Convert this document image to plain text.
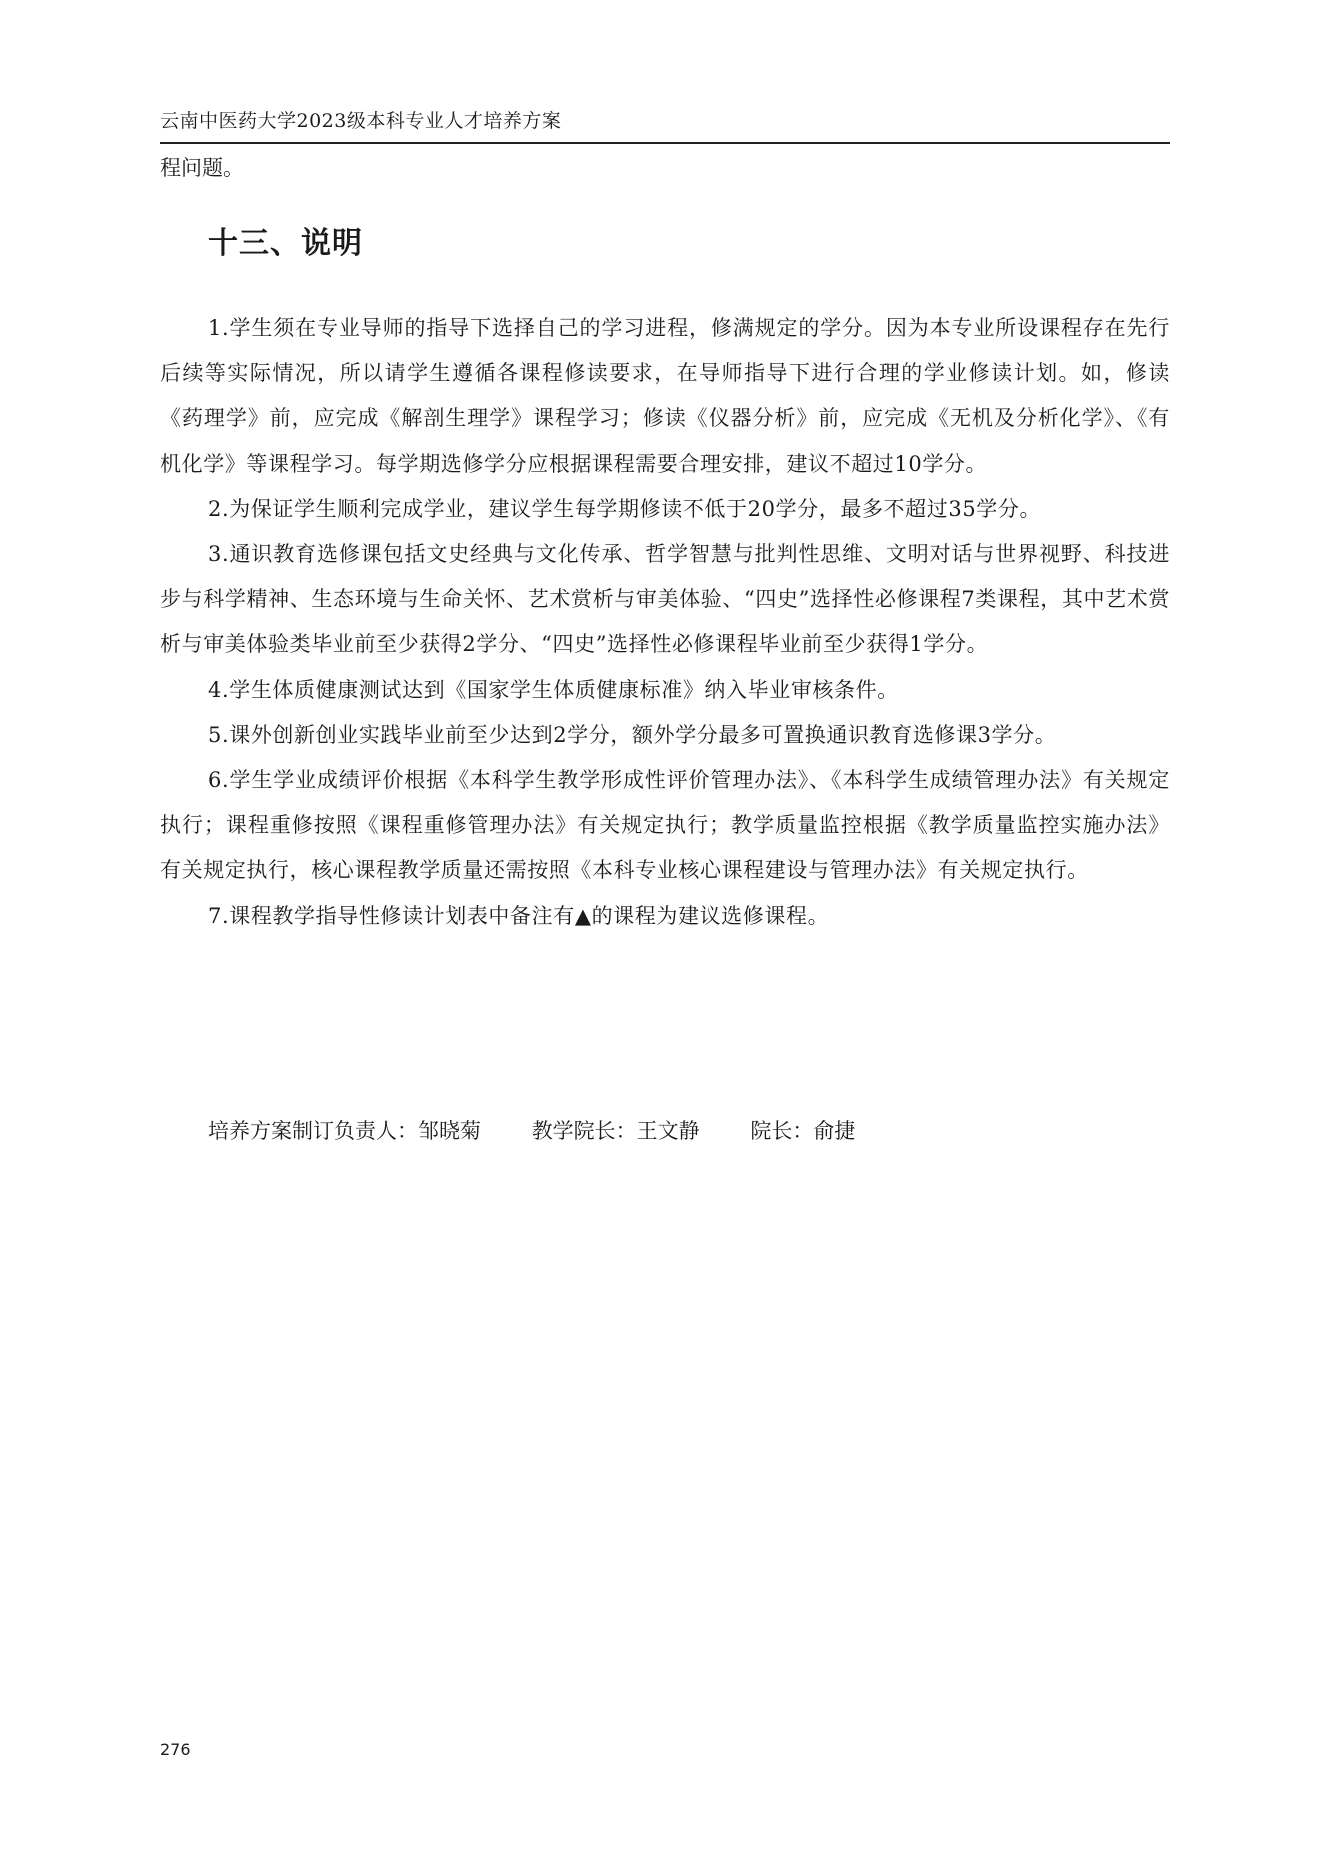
云南中医药大学2023级本科专业人才培养方案
程问题。
十三、说明

1.学生须在专业导师的指导下选择自己的学习进程，修满规定的学分。因为本专业所设课程存在先行后续等实际情况，所以请学生遵循各课程修读要求，在导师指导下进行合理的学业修读计划。如，修读《药理学》前，应完成《解剖生理学》课程学习；修读《仪器分析》前，应完成《无机及分析化学》、《有机化学》等课程学习。每学期选修学分应根据课程需要合理安排，建议不超过10学分。

2.为保证学生顺利完成学业，建议学生每学期修读不低于20学分，最多不超过35学分。

3.通识教育选修课包括文史经典与文化传承、哲学智慧与批判性思维、文明对话与世界视野、科技进步与科学精神、生态环境与生命关怀、艺术赏析与审美体验、“四史”选择性必修课程7类课程，其中艺术赏析与审美体验类毕业前至少获得2学分、“四史”选择性必修课程毕业前至少获得1学分。

4.学生体质健康测试达到《国家学生体质健康标准》纳入毕业审核条件。

5.课外创新创业实践毕业前至少达到2学分，额外学分最多可置换通识教育选修课3学分。

6.学生学业成绩评价根据《本科学生教学形成性评价管理办法》、《本科学生成绩管理办法》有关规定执行；课程重修按照《课程重修管理办法》有关规定执行；教学质量监控根据《教学质量监控实施办法》有关规定执行，核心课程教学质量还需按照《本科专业核心课程建设与管理办法》有关规定执行。

7.课程教学指导性修读计划表中备注有▲的课程为建议选修课程。

培养方案制订负责人：邹晓菊 教学院长：王文静 院长：俞捷
276
